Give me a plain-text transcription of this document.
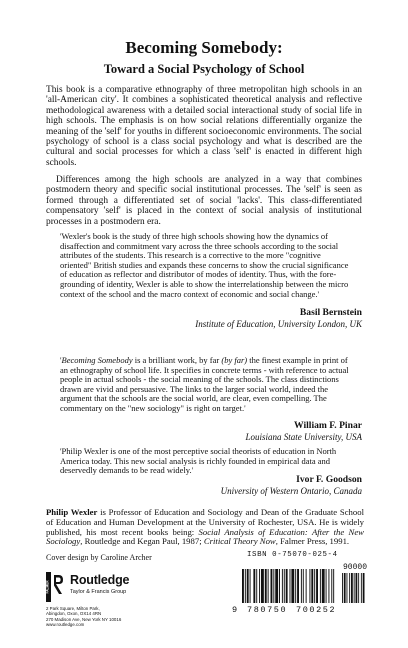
Becoming Somebody:
Toward a Social Psychology of School

This book is a comparative ethnography of three metropolitan high schools in an 'all-American city'. It combines a sophisticated theoretical analysis and reflective methodological awareness with a detailed social interactional study of social life in high schools. The emphasis is on how social relations differentially organize the meaning of the 'self' for youths in different socioeconomic environments. The social psychology of school is a class social psychology and what is described are the cultural and social processes for which a class 'self' is enacted in different high schools.

Differences among the high schools are analyzed in a way that combines postmodern theory and specific social institutional processes. The 'self' is seen as formed through a differentiated set of social 'lacks'. This class-differentiated compensatory 'self' is placed in the context of social analysis of institutional processes in a postmodern era.

'Wexler's book is the study of three high schools showing how the dynamics of disaffection and commitment vary across the three schools according to the social attributes of the students. This research is a corrective to the more "cognitive oriented" British studies and expands these concerns to show the crucial significance of education as reflector and distributor of modes of identity. Thus, with the fore-grounding of identity, Wexler is able to show the interrelationship between the micro context of the school and the macro context of economic and social change.'

Basil Bernstein
Institute of Education, University London, UK

'Becoming Somebody is a brilliant work, by far (by far) the finest example in print of an ethnography of school life. It specifies in concrete terms - with reference to actual people in actual schools - the social meaning of the schools. The class distinctions drawn are vivid and persuasive. The links to the larger social world, indeed the argument that the schools are the social world, are clear, even compelling. The commentary on the "new sociology" is right on target.'

William F. Pinar
Louisiana State University, USA

'Philip Wexler is one of the most perceptive social theorists of education in North America today. This new social analysis is richly founded in empirical data and deservedly demands to be read widely.'

Ivor F. Goodson
University of Western Ontario, Canada

Philip Wexler is Professor of Education and Sociology and Dean of the Graduate School of Education and Human Development at the University of Rochester, USA. He is widely published, his most recent books being: Social Analysis of Education: After the New Sociology, Routledge and Kegan Paul, 1987; Critical Theory Now, Falmer Press, 1991.

Cover design by Caroline Archer
FALMER Routledge
Taylor & Francis Group
2 Park Square, Milton Park,
Abingdon, Oxon, OX14 4RN
270 Madison Ave, New York NY 10016
www.routledge.com
ISBN 0-75070-025-4
90000
9 780750 700252
